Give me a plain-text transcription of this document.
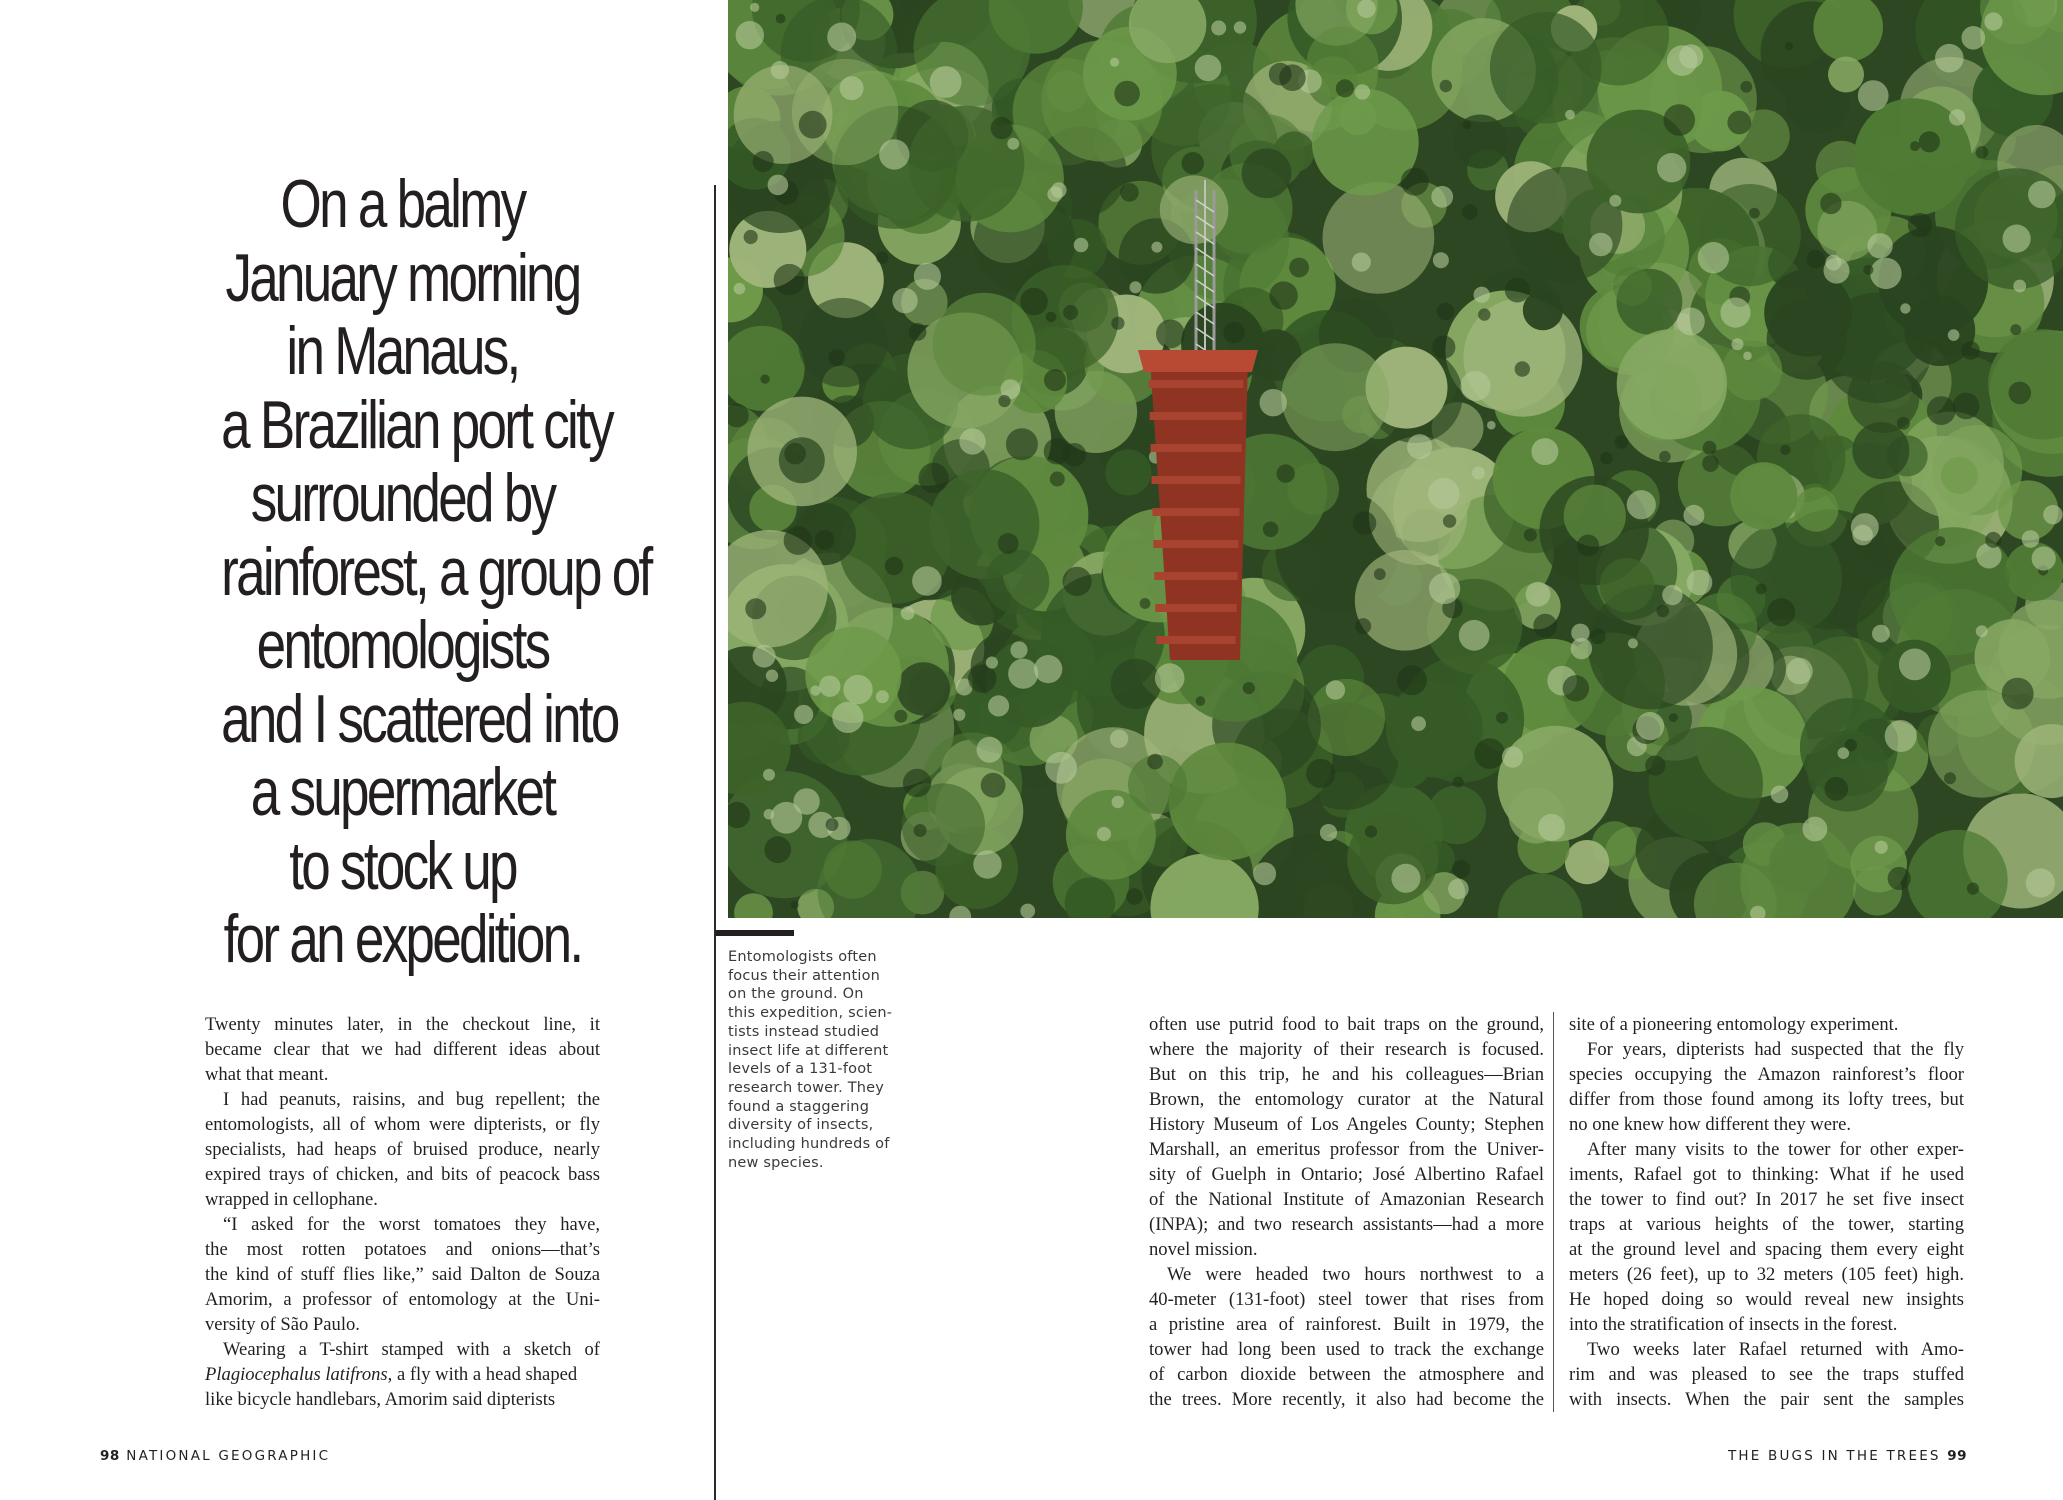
On a balmy
January morning
in Manaus,
a Brazilian port city
surrounded by
rainforest, a group of
entomologists
and I scattered into
a supermarket
to stock up
for an expedition.	Entomologists often
focus their attention
on the ground. On
this expedition, scien-
tists instead studied
insect life at different
levels of a 131-foot
research tower. They
found a staggering
diversity of insects,
including hundreds of
new species.
Twenty minutes later, in the checkout line, it
became clear that we had different ideas about
what that meant.
I had peanuts, raisins, and bug repellent; the
entomologists, all of whom were dipterists, or fly
specialists, had heaps of bruised produce, nearly
expired trays of chicken, and bits of peacock bass
wrapped in cellophane.
“I asked for the worst tomatoes they have,
the most rotten potatoes and onions—that’s
the kind of stuff flies like,” said Dalton de Souza
Amorim, a professor of entomology at the Uni-
versity of São Paulo.
Wearing a T-shirt stamped with a sketch of
Plagiocephalus latifrons, a fly with a head shaped
like bicycle handlebars, Amorim said dipterists
often use putrid food to bait traps on the ground,
where the majority of their research is focused.
But on this trip, he and his colleagues—Brian
Brown, the entomology curator at the Natural
History Museum of Los Angeles County; Stephen
Marshall, an emeritus professor from the Univer-
sity of Guelph in Ontario; José Albertino Rafael
of the National Institute of Amazonian Research
(INPA); and two research assistants—had a more
novel mission.
We were headed two hours northwest to a
40-meter (131-foot) steel tower that rises from
a pristine area of rainforest. Built in 1979, the
tower had long been used to track the exchange
of carbon dioxide between the atmosphere and
the trees. More recently, it also had become the
site of a pioneering entomology experiment.
For years, dipterists had suspected that the fly
species occupying the Amazon rainforest’s floor
differ from those found among its lofty trees, but
no one knew how different they were.
After many visits to the tower for other exper-
iments, Rafael got to thinking: What if he used
the tower to find out? In 2017 he set five insect
traps at various heights of the tower, starting
at the ground level and spacing them every eight
meters (26 feet), up to 32 meters (105 feet) high.
He hoped doing so would reveal new insights
into the stratification of insects in the forest.
Two weeks later Rafael returned with Amo-
rim and was pleased to see the traps stuffed
with insects. When the pair sent the samples
98 NATIONAL GEOGRAPHIC	THE BUGS IN THE TREES 99
